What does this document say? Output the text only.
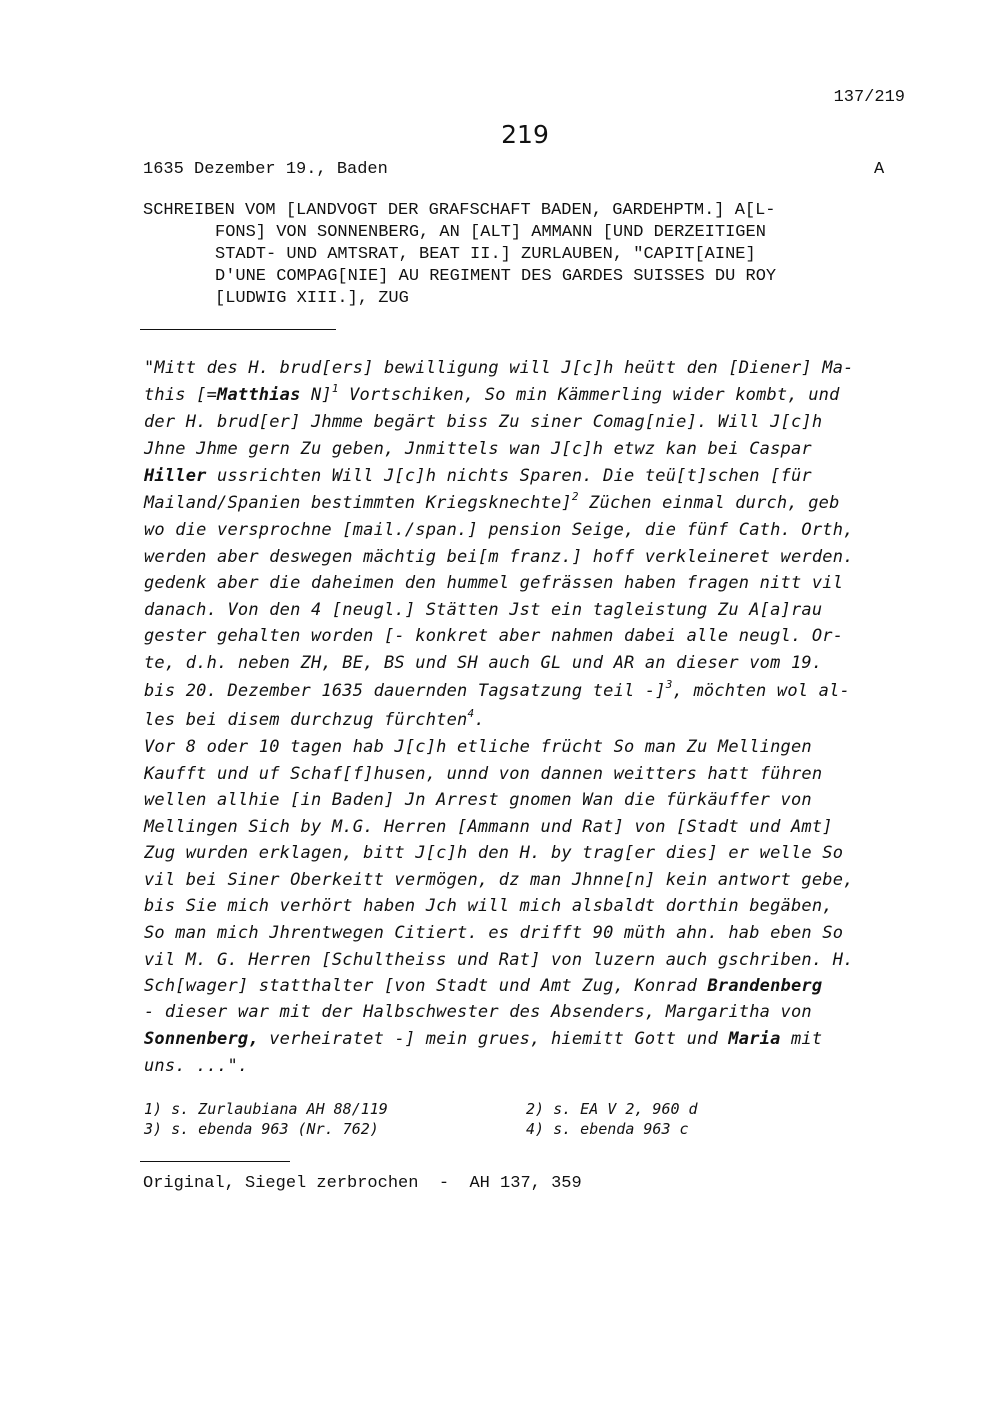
137/219
219
1635 Dezember 19., Baden	A
SCHREIBEN VOM [LANDVOGT DER GRAFSCHAFT BADEN, GARDEHPTM.] A[L-
FONS] VON SONNENBERG, AN [ALT] AMMANN [UND DERZEITIGEN
STADT- UND AMTSRAT, BEAT II.] ZURLAUBEN, "CAPIT[AINE]
D'UNE COMPAG[NIE] AU REGIMENT DES GARDES SUISSES DU ROY
[LUDWIG XIII.], ZUG
"Mitt des H. brud[ers] bewilligung will J[c]h heütt den [Diener] Ma-
this [=Matthias N]$^1$ Vortschiken, So min Kämmerling wider kombt, und
der H. brud[er] Jhmme begärt biss Zu siner Comag[nie]. Will J[c]h
Jhne Jhme gern Zu geben, Jnmittels wan J[c]h etwz kan bei Caspar
Hiller ussrichten Will J[c]h nichts Sparen. Die teü[t]schen [für
Mailand/Spanien bestimmten Kriegsknechte]$^2$ Züchen einmal durch, geb
wo die versprochne [mail./span.] pension Seige, die fünf Cath. Orth,
werden aber deswegen mächtig bei[m franz.] hoff verkleineret werden.
gedenk aber die daheimen den hummel gefrässen haben fragen nitt vil
danach. Von den 4 [neugl.] Stätten Jst ein tagleistung Zu A[a]rau
gester gehalten worden [- konkret aber nahmen dabei alle neugl. Or-
te, d.h. neben ZH, BE, BS und SH auch GL und AR an dieser vom 19.
bis 20. Dezember 1635 dauernden Tagsatzung teil -]$^3$, möchten wol al-
les bei disem durchzug fürchten$^4$.
Vor 8 oder 10 tagen hab J[c]h etliche frücht So man Zu Mellingen
Kaufft und uf Schaf[f]husen, unnd von dannen weitters hatt führen
wellen allhie [in Baden] Jn Arrest gnomen Wan die fürkäuffer von
Mellingen Sich by M.G. Herren [Ammann und Rat] von [Stadt und Amt]
Zug wurden erklagen, bitt J[c]h den H. by trag[er dies] er welle So
vil bei Siner Oberkeitt vermögen, dz man Jhnne[n] kein antwort gebe,
bis Sie mich verhört haben Jch will mich alsbaldt dorthin begäben,
So man mich Jhrentwegen Citiert. es drifft 90 müth ahn. hab eben So
vil M. G. Herren [Schultheiss und Rat] von luzern auch gschriben. H.
Sch[wager] statthalter [von Stadt und Amt Zug, Konrad Brandenberg
- dieser war mit der Halbschwester des Absenders, Margaritha von
Sonnenberg, verheiratet -] mein grues, hiemitt Gott und Maria mit
uns. ...".
1) s. Zurlaubiana AH 88/119	2) s. EA V 2, 960 d
3) s. ebenda 963 (Nr. 762)	4) s. ebenda 963 c
Original, Siegel zerbrochen  -  AH 137, 359
